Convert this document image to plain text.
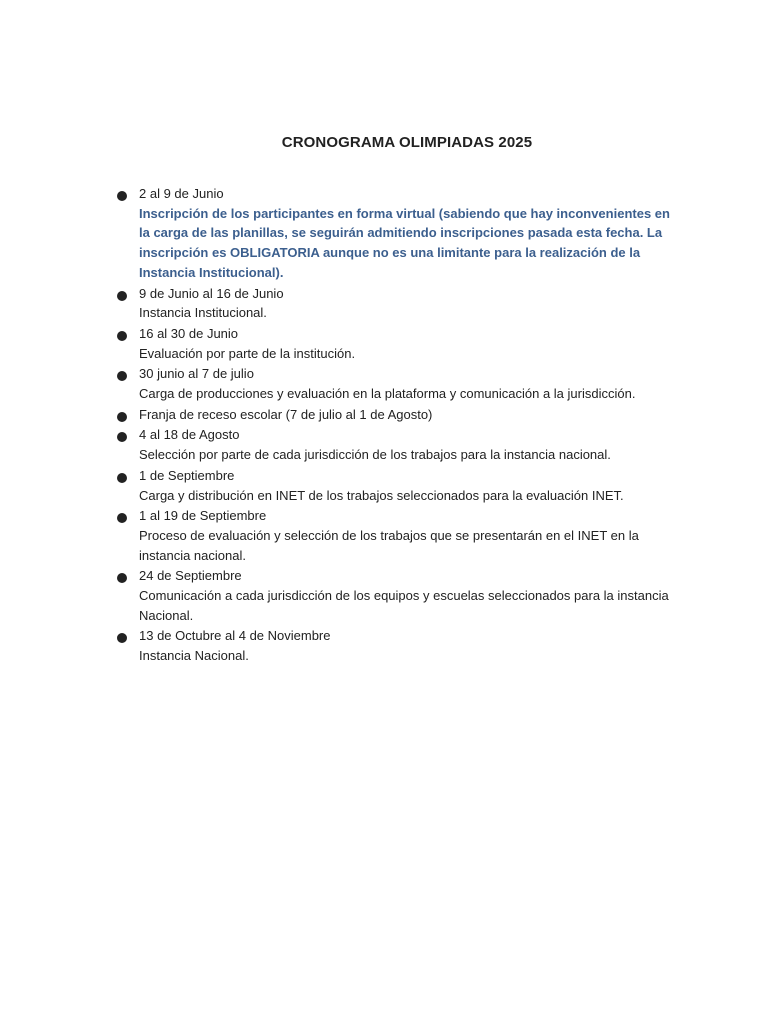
CRONOGRAMA OLIMPIADAS 2025
2 al 9 de Junio
Inscripción de los participantes en forma virtual (sabiendo que hay inconvenientes en la carga de las planillas, se seguirán admitiendo inscripciones pasada esta fecha. La inscripción es OBLIGATORIA aunque no es una limitante para la realización de la Instancia Institucional).
9 de Junio al 16 de Junio
Instancia Institucional.
16 al 30 de Junio
Evaluación por parte de la institución.
30 junio al 7 de julio
Carga de producciones y evaluación en la plataforma y comunicación a la jurisdicción.
Franja de receso escolar (7 de julio al 1 de Agosto)
4 al 18 de Agosto
Selección por parte de cada jurisdicción de los trabajos para la instancia nacional.
1 de Septiembre
Carga y distribución en INET de los trabajos seleccionados para la evaluación INET.
1 al 19 de Septiembre
Proceso de evaluación y selección de los trabajos que se presentarán en el INET en la instancia nacional.
24 de Septiembre
Comunicación a cada jurisdicción de los equipos y escuelas seleccionados para la instancia Nacional.
13 de Octubre al 4 de Noviembre
Instancia Nacional.
